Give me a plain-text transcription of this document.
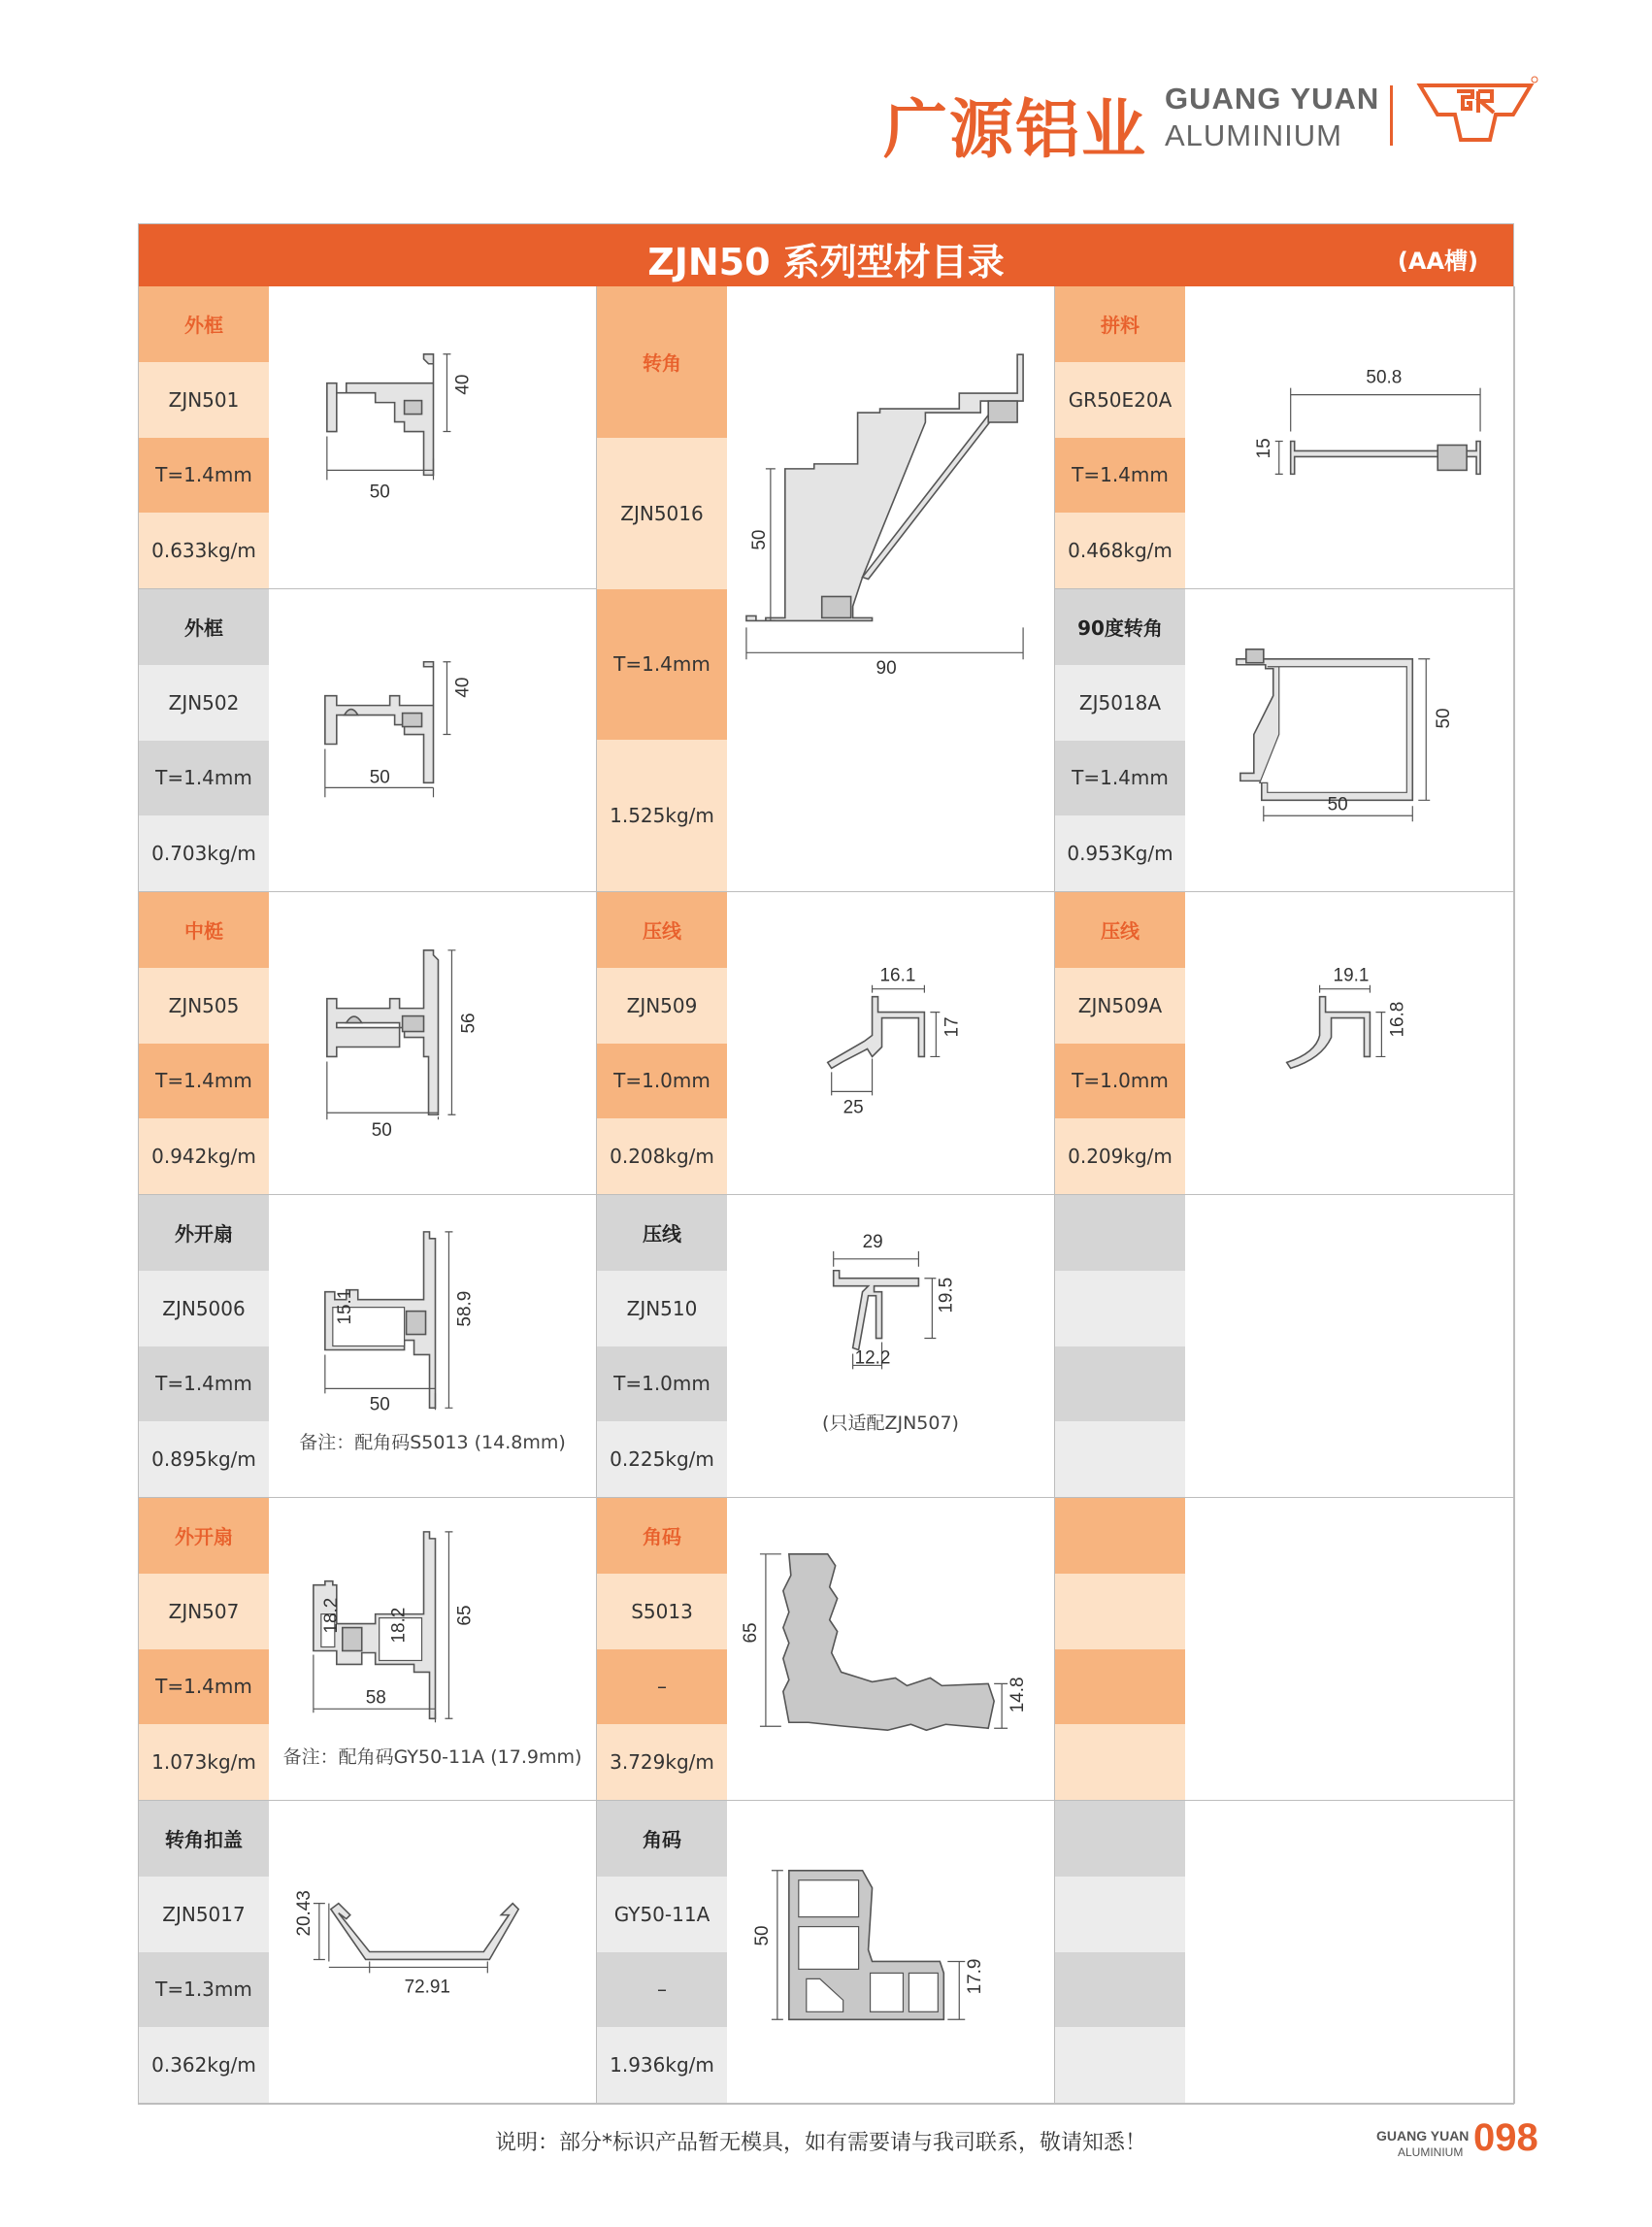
广源铝业 GUANG YUAN
ALUMINIUM
ZJN50 系列型材目录	(AA槽)
外框
ZJN501
T=1.4mm
0.633kg/m
50
40
转角
ZJN5016
T=1.4mm
1.525kg/m
90
50
拼料
GR50E20A
T=1.4mm
0.468kg/m
50.8
15
外框
ZJN502
T=1.4mm
0.703kg/m
50
40
90度转角
ZJ5018A
T=1.4mm
0.953Kg/m
50
50
中梃
ZJN505
T=1.4mm
0.942kg/m
50
56
压线
ZJN509
T=1.0mm
0.208kg/m
16.1
17
25
压线
ZJN509A
T=1.0mm
0.209kg/m
19.1
16.8
外开扇
ZJN5006
T=1.4mm
0.895kg/m
50
58.9
15.1
备注：配角码S5013 (14.8mm)
压线
ZJN510
T=1.0mm
0.225kg/m
29
19.5
12.2
(只适配ZJN507)
外开扇
ZJN507
T=1.4mm
1.073kg/m
58
65
18.2	18.2
备注：配角码GY50-11A (17.9mm)
角码
S5013
–
3.729kg/m
65
14.8
转角扣盖
ZJN5017
T=1.3mm
0.362kg/m
72.91
20.43
角码
GY50-11A
–
1.936kg/m
50
17.9
说明：部分*标识产品暂无模具，如有需要请与我司联系，敬请知悉！	GUANG YUAN
ALUMINIUM 098
